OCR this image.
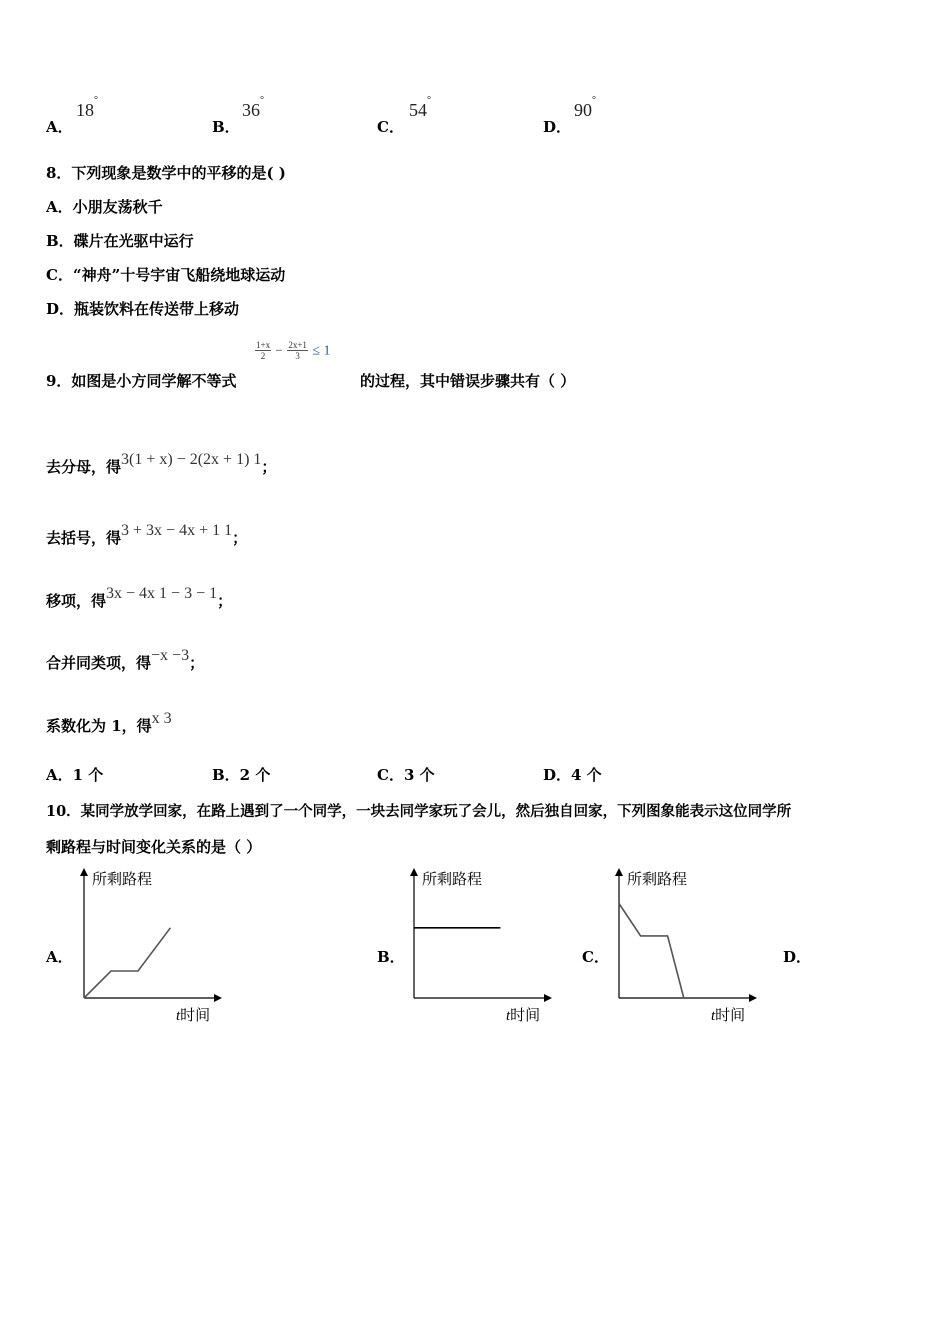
A．
18°
B．
36°
C．
54°
D．
90°
8．下列现象是数学中的平移的是( )
A．小朋友荡秋千
B．碟片在光驱中运行
C．“神舟”十号宇宙飞船绕地球运动
D．瓶装饮料在传送带上移动
$\frac{1+x}{2} - \frac{2x+1}{3} \le 1$
9．如图是小方同学解不等式	的过程，其中错误步骤共有（ ）
去分母，得3(1 + x) − 2(2x + 1) 1；
去括号，得3 + 3x − 4x + 1 1；
移项，得3x − 4x 1 − 3 − 1；
合并同类项，得−x −3；
系数化为 1，得x 3
A．1 个	B．2 个	C．3 个	D．4 个
10．某同学放学回家，在路上遇到了一个同学，一块去同学家玩了会儿，然后独自回家，下列图象能表示这位同学所
剩路程与时间变化关系的是（ ）
A．	B．	C．	D．
所剩路程
t时间
所剩路程
t时间
所剩路程
t时间
